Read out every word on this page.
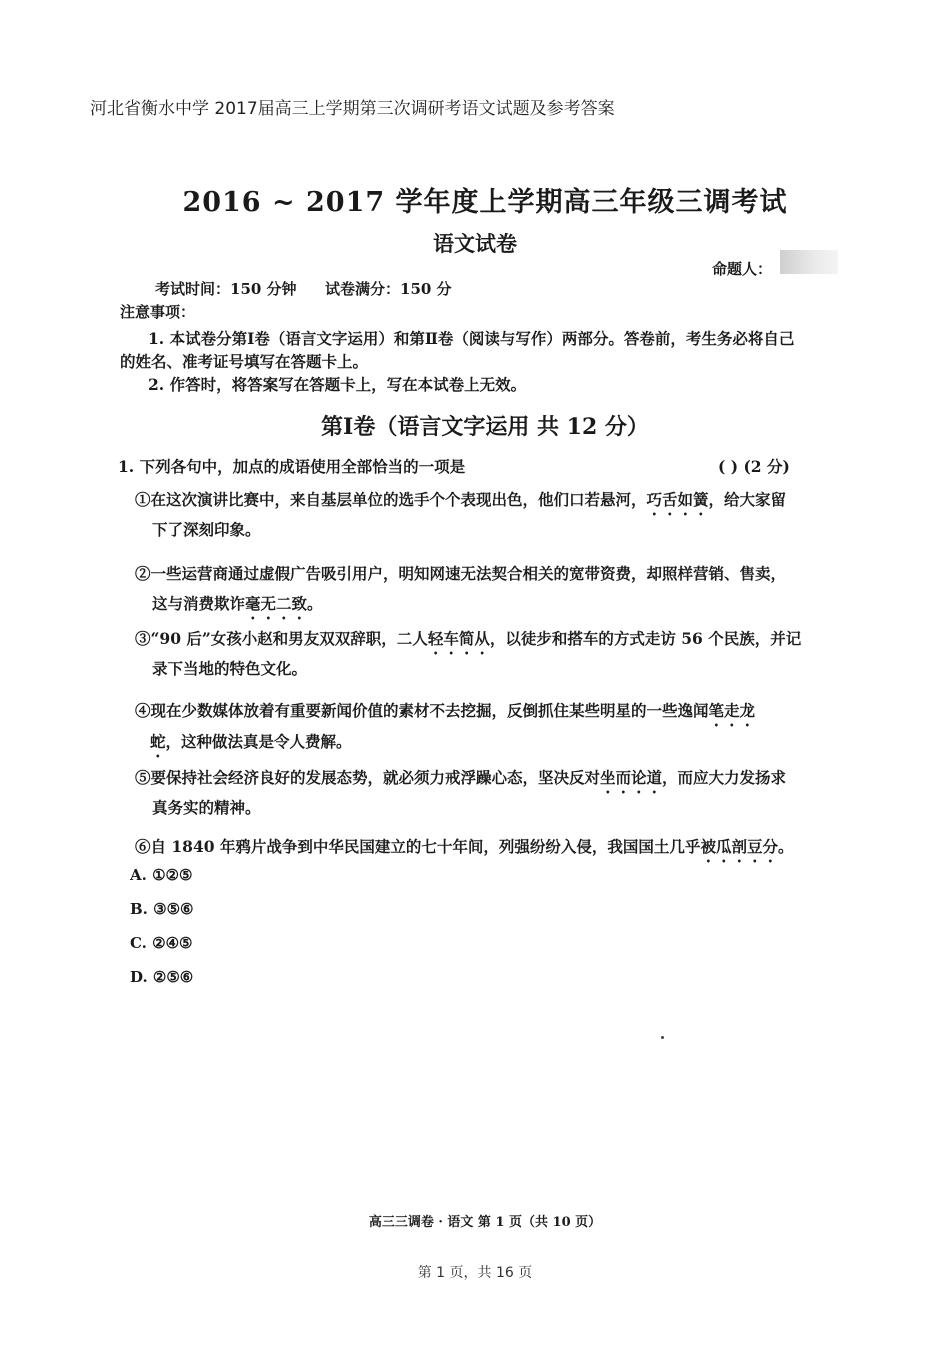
河北省衡水中学 2017届高三上学期第三次调研考语文试题及参考答案
2016 ~ 2017 学年度上学期高三年级三调考试
语文试卷
命题人：
考试时间：150 分钟 试卷满分：150 分
注意事项：
1. 本试卷分第Ⅰ卷（语言文字运用）和第Ⅱ卷（阅读与写作）两部分。答卷前，考生务必将自己
的姓名、准考证号填写在答题卡上。
2. 作答时，将答案写在答题卡上，写在本试卷上无效。
第Ⅰ卷（语言文字运用 共 12 分）
1. 下列各句中，加点的成语使用全部恰当的一项是	( ) (2 分)
①在这次演讲比赛中，来自基层单位的选手个个表现出色，他们口若悬河，巧舌如簧，给大家留
下了深刻印象。
②一些运营商通过虚假广告吸引用户，明知网速无法契合相关的宽带资费，却照样营销、售卖，
这与消费欺诈毫无二致。
③“90 后”女孩小赵和男友双双辞职，二人轻车简从，以徒步和搭车的方式走访 56 个民族，并记
录下当地的特色文化。
④现在少数媒体放着有重要新闻价值的素材不去挖掘，反倒抓住某些明星的一些逸闻笔走龙
蛇，这种做法真是令人费解。
⑤要保持社会经济良好的发展态势，就必须力戒浮躁心态，坚决反对坐而论道，而应大力发扬求
真务实的精神。
⑥自 1840 年鸦片战争到中华民国建立的七十年间，列强纷纷入侵，我国国土几乎被瓜剖豆分。
A. ①②⑤
B. ③⑤⑥
C. ②④⑤
D. ②⑤⑥
高三三调卷 · 语文 第 1 页（共 10 页）
第 1 页，共 16 页
